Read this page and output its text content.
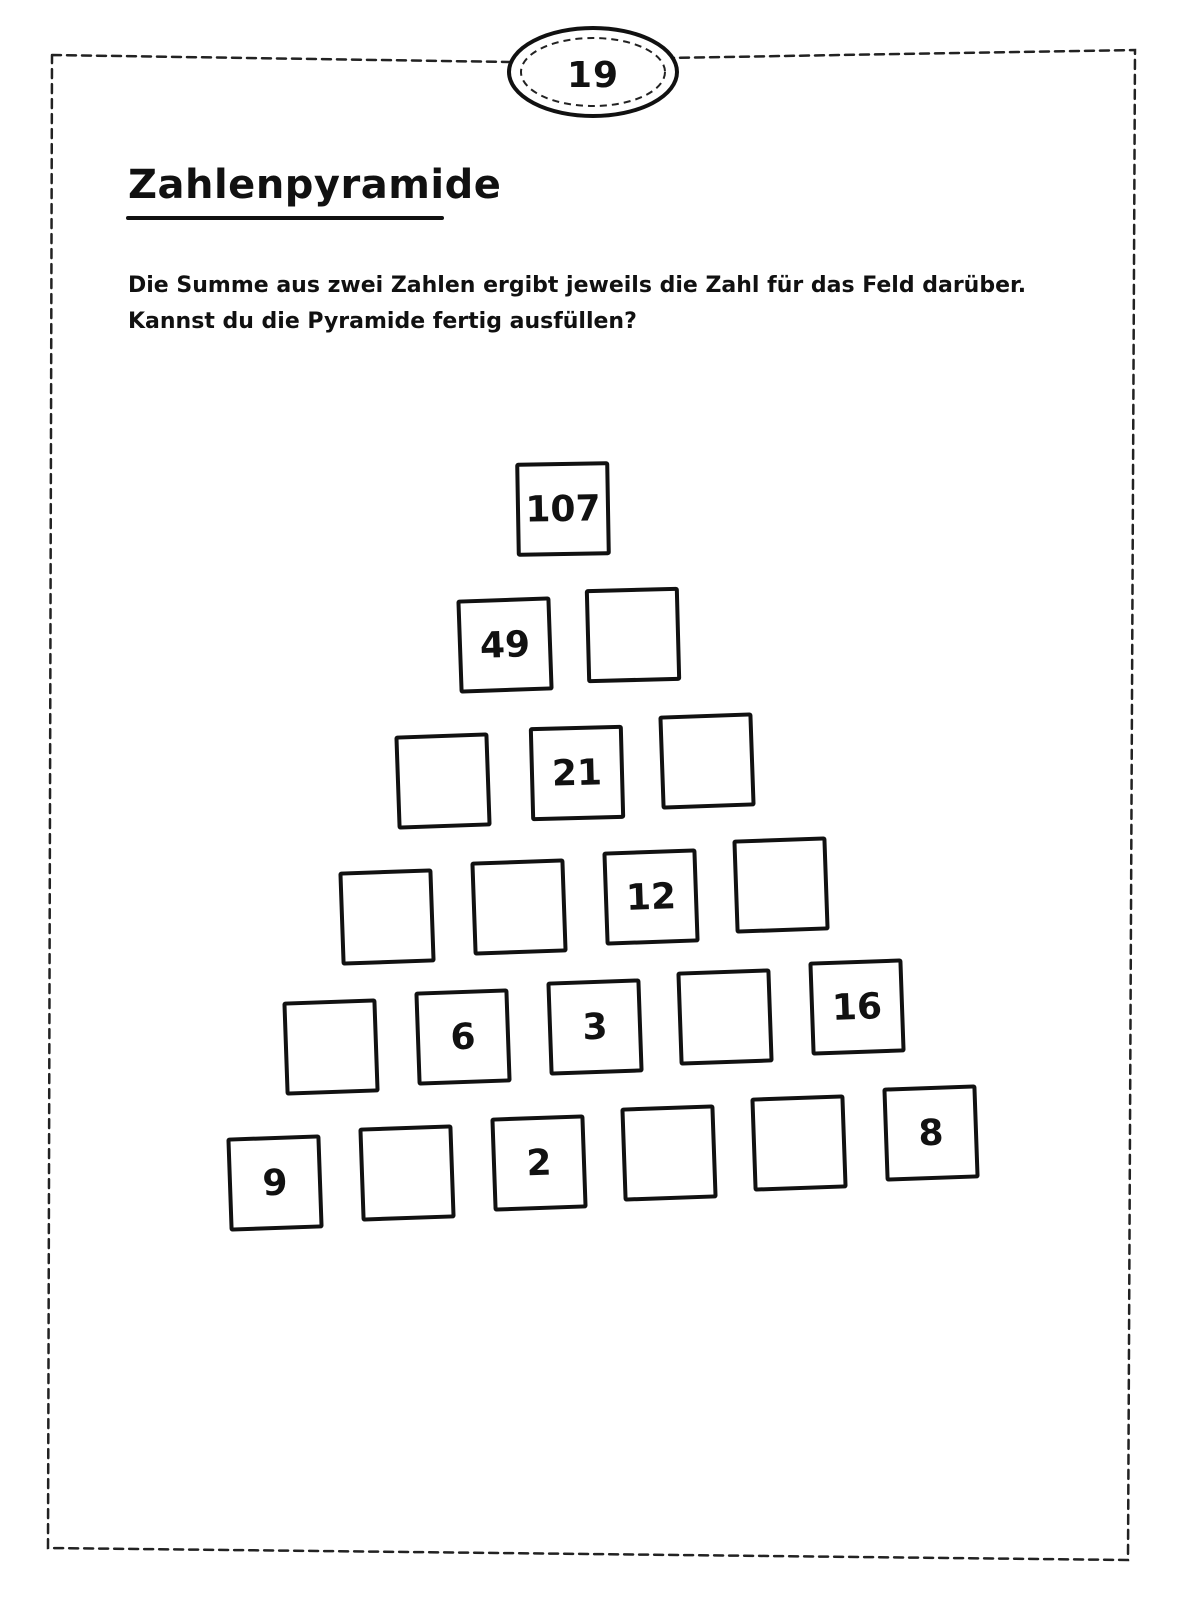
19
Zahlenpyramide
Die Summe aus zwei Zahlen ergibt jeweils die Zahl für das Feld darüber.
Kannst du die Pyramide fertig ausfüllen?
107
49
21
12
6	3	16
9	2
8
